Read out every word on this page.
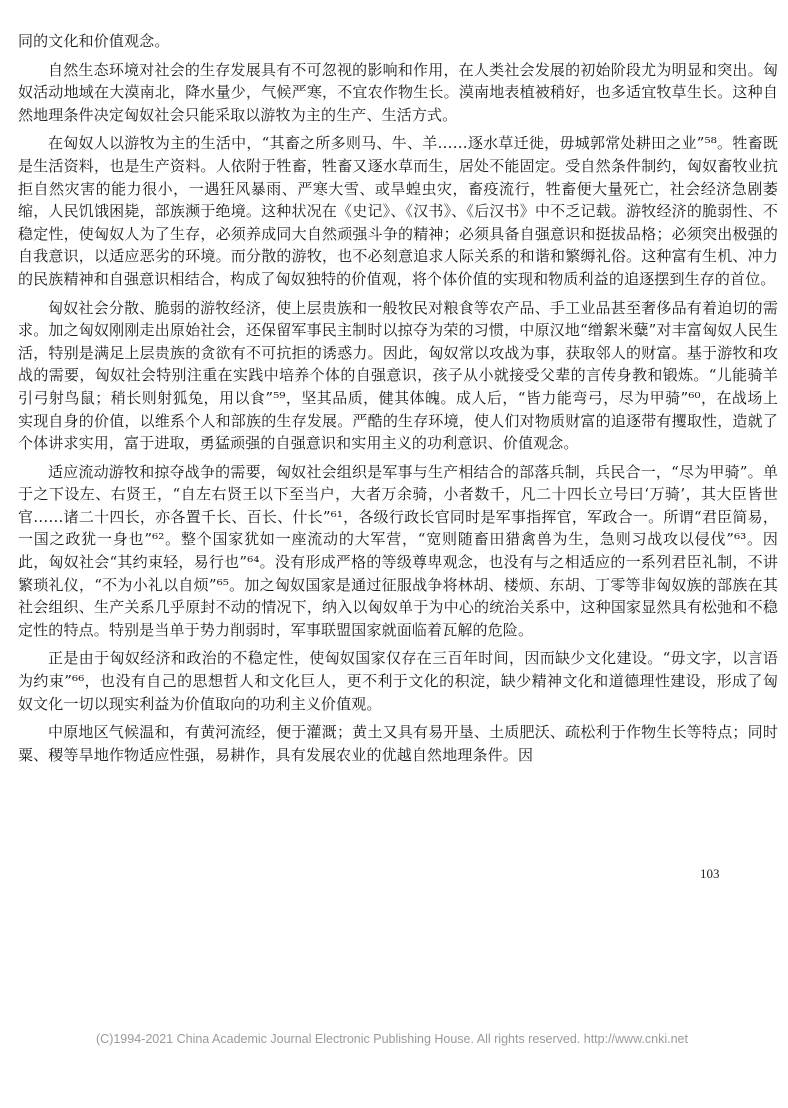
同的文化和价值观念。

自然生态环境对社会的生存发展具有不可忽视的影响和作用，在人类社会发展的初始阶段尤为明显和突出。匈奴活动地域在大漠南北，降水量少，气候严寒，不宜农作物生长。漠南地表植被稍好，也多适宜牧草生长。这种自然地理条件决定匈奴社会只能采取以游牧为主的生产、生活方式。

在匈奴人以游牧为主的生活中，“其畜之所多则马、牛、羊……逐水草迁徙，毋城郭常处耕田之业”⁵⁸。牲畜既是生活资料，也是生产资料。人依附于牲畜，牲畜又逐水草而生，居处不能固定。受自然条件制约，匈奴畜牧业抗拒自然灾害的能力很小，一遇狂风暴雨、严寒大雪、或旱蝗虫灾，畜疫流行，牲畜便大量死亡，社会经济急剧萎缩，人民饥饿困毙，部族濒于绝境。这种状况在《史记》、《汉书》、《后汉书》中不乏记载。游牧经济的脆弱性、不稳定性，使匈奴人为了生存，必须养成同大自然顽强斗争的精神；必须具备自强意识和挺拔品格；必须突出极强的自我意识，以适应恶劣的环境。而分散的游牧，也不必刻意追求人际关系的和谐和繁缛礼俗。这种富有生机、冲力的民族精神和自强意识相结合，构成了匈奴独特的价值观，将个体价值的实现和物质利益的追逐摆到生存的首位。

匈奴社会分散、脆弱的游牧经济，使上层贵族和一般牧民对粮食等农产品、手工业品甚至奢侈品有着迫切的需求。加之匈奴刚刚走出原始社会，还保留军事民主制时以掠夺为荣的习惯，中原汉地“缯絮米糵”对丰富匈奴人民生活，特别是满足上层贵族的贪欲有不可抗拒的诱惑力。因此，匈奴常以攻战为事，获取邻人的财富。基于游牧和攻战的需要，匈奴社会特别注重在实践中培养个体的自强意识，孩子从小就接受父辈的言传身教和锻炼。“儿能骑羊引弓射鸟鼠；稍长则射狐兔，用以食”⁵⁹，坚其品质，健其体魄。成人后，“皆力能弯弓，尽为甲骑”⁶⁰，在战场上实现自身的价值，以维系个人和部族的生存发展。严酷的生存环境，使人们对物质财富的追逐带有攫取性，造就了个体讲求实用，富于进取，勇猛顽强的自强意识和实用主义的功利意识、价值观念。

适应流动游牧和掠夺战争的需要，匈奴社会组织是军事与生产相结合的部落兵制，兵民合一，“尽为甲骑”。单于之下设左、右贤王，“自左右贤王以下至当户，大者万余骑，小者数千，凡二十四长立号曰‘万骑’，其大臣皆世官……诸二十四长，亦各置千长、百长、什长”⁶¹，各级行政长官同时是军事指挥官，军政合一。所谓“君臣简易，一国之政犹一身也”⁶²。整个国家犹如一座流动的大军营，“宽则随畜田猎禽兽为生，急则习战攻以侵伐”⁶³。因此，匈奴社会“其约束轻，易行也”⁶⁴。没有形成严格的等级尊卑观念，也没有与之相适应的一系列君臣礼制，不讲繁琐礼仪，“不为小礼以自烦”⁶⁵。加之匈奴国家是通过征服战争将林胡、楼烦、东胡、丁零等非匈奴族的部族在其社会组织、生产关系几乎原封不动的情况下，纳入以匈奴单于为中心的统治关系中，这种国家显然具有松弛和不稳定性的特点。特别是当单于势力削弱时，军事联盟国家就面临着瓦解的危险。

正是由于匈奴经济和政治的不稳定性，使匈奴国家仅存在三百年时间，因而缺少文化建设。“毋文字，以言语为约束”⁶⁶，也没有自己的思想哲人和文化巨人，更不利于文化的积淀，缺少精神文化和道德理性建设，形成了匈奴文化一切以现实利益为价值取向的功利主义价值观。

中原地区气候温和，有黄河流经，便于灌溉；黄土又具有易开垦、土质肥沃、疏松利于作物生长等特点；同时粟、稷等旱地作物适应性强，易耕作，具有发展农业的优越自然地理条件。因

103
(C)1994-2021 China Academic Journal Electronic Publishing House. All rights reserved. http://www.cnki.net
